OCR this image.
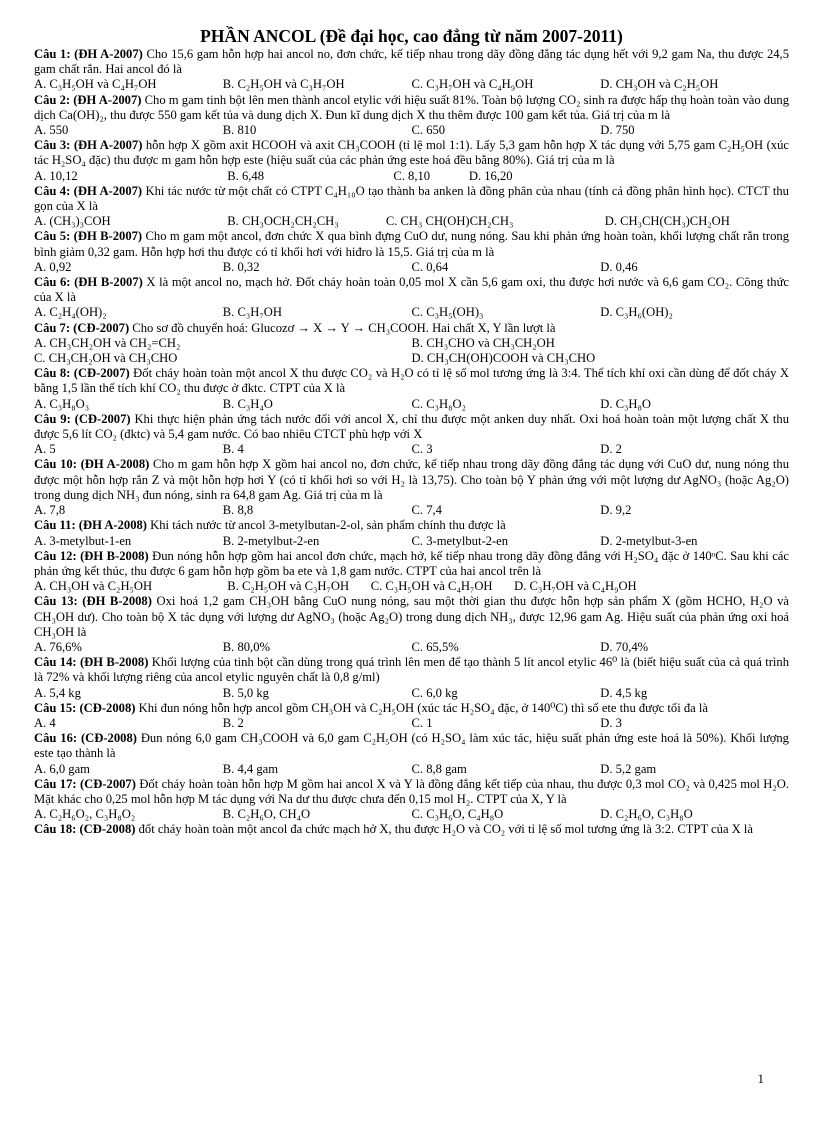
PHẦN ANCOL (Đề đại học, cao đẳng từ năm 2007-2011)
Câu 1: (ĐH A-2007) Cho 15,6 gam hỗn hợp hai ancol no, đơn chức, kế tiếp nhau trong dãy đồng đẳng tác dụng hết với 9,2 gam Na, thu được 24,5 gam chất rắn. Hai ancol đó là
A. C₃H₅OH và C₄H₇OH	B. C₂H₅OH và C₃H₇OH	C. C₃H₇OH và C₄H₉OH	D. CH₃OH và C₂H₅OH
Câu 2: (ĐH A-2007) Cho m gam tinh bột lên men thành ancol etylic với hiệu suất 81%. Toàn bộ lượng CO₂ sinh ra được hấp thụ hoàn toàn vào dung dịch Ca(OH)₂, thu được 550 gam kết tủa và dung dịch X. Đun kĩ dung dịch X thu thêm được 100 gam kết tủa. Giá trị của m là
A. 550	B. 810	C. 650	D. 750
Câu 3: (ĐH A-2007) hỗn hợp X gồm axit HCOOH và axit CH₃COOH (tỉ lệ mol 1:1). Lấy 5,3 gam hỗn hợp X tác dụng với 5,75 gam C₂H₅OH (xúc tác H₂SO₄ đặc) thu được m gam hỗn hợp este (hiệu suất của các phản ứng este hoá đều bằng 80%). Giá trị của m là
A. 10,12	B. 6,48	C. 8,10	D. 16,20
Câu 4: (ĐH A-2007) Khi tác nước từ một chất có CTPT C₄H₁₀O tạo thành ba anken là đồng phân của nhau (tính cả đồng phân hình học). CTCT thu gọn của X là
A. (CH₃)₃COH	B. CH₃OCH₂CH₂CH₃	C. CH₃ CH(OH)CH₂CH₃	D. CH₃CH(CH₃)CH₂OH
Câu 5: (ĐH B-2007) Cho m gam một ancol, đơn chức X qua bình đựng CuO dư, nung nóng. Sau khi phản ứng hoàn toàn, khối lượng chất rắn trong bình giảm 0,32 gam. Hỗn hợp hơi thu được có tỉ khối hơi với hiđro là 15,5. Giá trị của m là
A. 0,92	B. 0,32	C. 0,64	D. 0,46
Câu 6: (ĐH B-2007) X là một ancol no, mạch hở. Đốt cháy hoàn toàn 0,05 mol X cần 5,6 gam oxi, thu được hơi nước và 6,6 gam CO₂. Công thức của X là
A. C₂H₄(OH)₂	B. C₃H₇OH	C. C₃H₅(OH)₃	D. C₃H₆(OH)₂
Câu 7: (CĐ-2007) Cho sơ đồ chuyển hoá: Glucozơ → X → Y → CH₃COOH. Hai chất X, Y lần lượt là
A. CH₃CH₂OH và CH₂=CH₂	B. CH₃CHO và CH₃CH₂OH
C. CH₃CH₂OH và CH₃CHO	D. CH₃CH(OH)COOH và CH₃CHO
Câu 8: (CĐ-2007) Đốt cháy hoàn toàn một ancol X thu được CO₂ và H₂O có tỉ lệ số mol tương ứng là 3:4. Thể tích khí oxi cần dùng để đốt cháy X bằng 1,5 lần thể tích khí CO₂ thu được ở đktc. CTPT của X là
A. C₃H₈O₃	B. C₃H₄O	C. C₃H₈O₂	D. C₃H₈O
Câu 9: (CĐ-2007) Khi thực hiện phản ứng tách nước đối với ancol X, chỉ thu được một anken duy nhất. Oxi hoá hoàn toàn một lượng chất X thu được 5,6 lít CO₂ (đktc) và 5,4 gam nước. Có bao nhiêu CTCT phù hợp với X
A. 5	B. 4	C. 3	D. 2
Câu 10: (ĐH A-2008) Cho m gam hỗn hợp X gồm hai ancol no, đơn chức, kế tiếp nhau trong dãy đồng đẳng tác dụng với CuO dư, nung nóng thu được một hỗn hợp rắn Z và một hỗn hợp hơi Y (có tỉ khối hơi so với H₂ là 13,75). Cho toàn bộ Y phản ứng với một lượng dư AgNO₃ (hoặc Ag₂O) trong dung dịch NH₃ đun nóng, sinh ra 64,8 gam Ag. Giá trị của m là
A. 7,8	B. 8,8	C. 7,4	D. 9,2
Câu 11: (ĐH A-2008) Khi tách nước từ ancol 3-metylbutan-2-ol, sản phẩm chính thu được là
A. 3-metylbut-1-en	B. 2-metylbut-2-en	C. 3-metylbut-2-en	D. 2-metylbut-3-en
Câu 12: (ĐH B-2008) Đun nóng hỗn hợp gồm hai ancol đơn chức, mạch hở, kế tiếp nhau trong dãy đồng đẳng với H₂SO₄ đặc ở 140ᵒC. Sau khi các phản ứng kết thúc, thu được 6 gam hỗn hợp gồm ba ete và 1,8 gam nước. CTPT của hai ancol trên là
A. CH₃OH và C₂H₅OH	B. C₂H₅OH và C₃H₇OH	C. C₃H₅OH và C₄H₇OH	D. C₃H₇OH và C₄H₉OH
Câu 13: (ĐH B-2008) Oxi hoá 1,2 gam CH₃OH bằng CuO nung nóng, sau một thời gian thu được hỗn hợp sản phẩm X (gồm HCHO, H₂O và CH₃OH dư). Cho toàn bộ X tác dụng với lượng dư AgNO₃ (hoặc Ag₂O) trong dung dịch NH₃, được 12,96 gam Ag. Hiệu suất của phản ứng oxi hoá CH₃OH là
A. 76,6%	B. 80,0%	C. 65,5%	D. 70,4%
Câu 14: (ĐH B-2008) Khối lượng của tinh bột cần dùng trong quá trình lên men để tạo thành 5 lít ancol etylic 46⁰ là (biết hiệu suất của cả quá trình là 72% và khối lượng riêng của ancol etylic nguyên chất là 0,8 g/ml)
A. 5,4 kg	B. 5,0 kg	C. 6,0 kg	D. 4,5 kg
Câu 15: (CĐ-2008) Khi đun nóng hỗn hợp ancol gồm CH₃OH và C₂H₅OH (xúc tác H₂SO₄ đặc, ở 140⁰C) thì số ete thu được tối đa là
A. 4	B. 2	C. 1	D. 3
Câu 16: (CĐ-2008) Đun nóng 6,0 gam CH₃COOH và 6,0 gam C₂H₅OH (có H₂SO₄ làm xúc tác, hiệu suất phản ứng este hoá là 50%). Khối lượng este tạo thành là
A. 6,0 gam	B. 4,4 gam	C. 8,8 gam	D. 5,2 gam
Câu 17: (CĐ-2007) Đốt cháy hoàn toàn hỗn hợp M gồm hai ancol X và Y là đồng đẳng kết tiếp của nhau, thu được 0,3 mol CO₂ và 0,425 mol H₂O. Mặt khác cho 0,25 mol hỗn hợp M tác dụng với Na dư thu được chưa đến 0,15 mol H₂. CTPT của X, Y là
A. C₂H₆O₂, C₃H₈O₂	B. C₂H₆O, CH₄O	C. C₃H₆O, C₄H₈O	D. C₂H₆O, C₃H₈O
Câu 18: (CĐ-2008) đốt cháy hoàn toàn một ancol đa chức mạch hở X, thu được H₂O và CO₂ với tỉ lệ số mol tương ứng là 3:2. CTPT của X là
1
